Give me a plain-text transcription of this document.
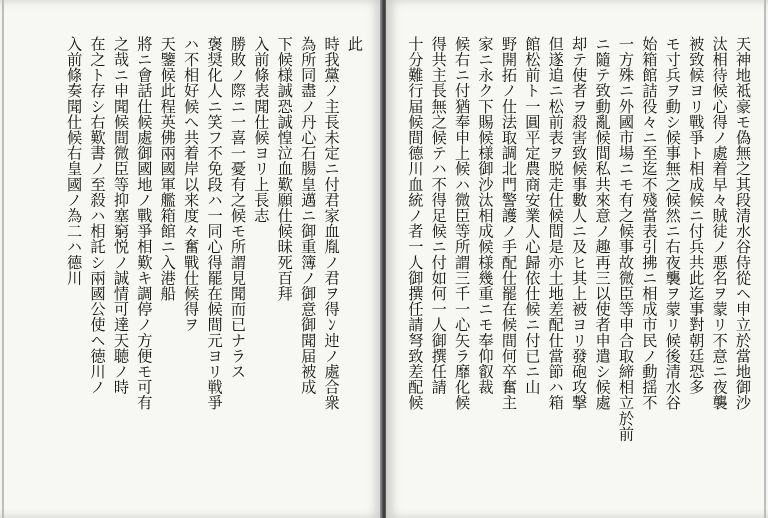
此
時我黨ノ主長未定ニ付君家血胤ノ君ヲ得ﾝ迚ノ處合衆
為所同盡ノ丹心石腸皇邁ニ御重簿ノ御意御聞届被成
下候様誠恐誠惶泣血歎願仕候昧死百拜
入前條表聞仕候ヨリ上長志
勝敗ノ際ニ一喜一憂有之候モ所謂見聞而已ナラス
褒奨化人ニ笑フ不免段ハ一同心得罷在候間元ヨリ戦爭
ハ不相好候へ共着岸以来度々奮戰仕候得ヲ
天鑒候此程英佛兩國軍艦箱館ニ入港船
將ニ會話仕候處御國地ノ戰爭相歎キ調停ノ方便モ可有
之哉ニ申聞候間微臣等抑塞窮悦ノ誠情可達天聴ノ時
在之ト存シ右歎書ノ至殺ハ相託シ兩國公使ヘ徳川ノ
入前條奏聞仕候右皇國ノ為二ハ德川	天神地祗豪モ偽無之其段清水谷侍從ヘ申立於當地御沙
汰相待候心得ノ處着早々賊徒ノ悪名ヲ蒙リ不意ニ夜襲
被致候ヨリ戰爭ト相成候ニ付兵共此迄事對朝廷恐多
モ寸兵ヲ動シ候事無之候然ニ右夜襲ヲ蒙リ候後清水谷
始箱館詰役々ニ至迄不殘當表引拂ニ相成市民ノ動揺不
一方殊ニ外國市場ニモ有之候事故微臣等申合取締相立於前
ニ隨テ致動亂候間私共來意ノ趣再三以使者申遣シ候處
却テ使者ヲ殺害致候事數人ニ及ヒ其上被ヨリ發砲攻撃
但遂追ニ松前表ヲ脱走仕候間是亦土地差配仕當節ハ箱
館松前ト一圓平定農商安業人心歸依仕候ニ付已ニ山
野開拓ノ仕法取調北門警護ノ手配仕罷在候間何卒奮主
家ニ永ク下賜候様御沙汰相成候様幾重ニモ奉仰叡裁
候右ニ付猶奉申上候ハ微臣等所謂三千一心矢ラ靡化候
得共主長無之候テハ不得足候ニ付如何一人御撰任請
十分難行届候間德川血統ノ者一人御撰任請弩致差配候
